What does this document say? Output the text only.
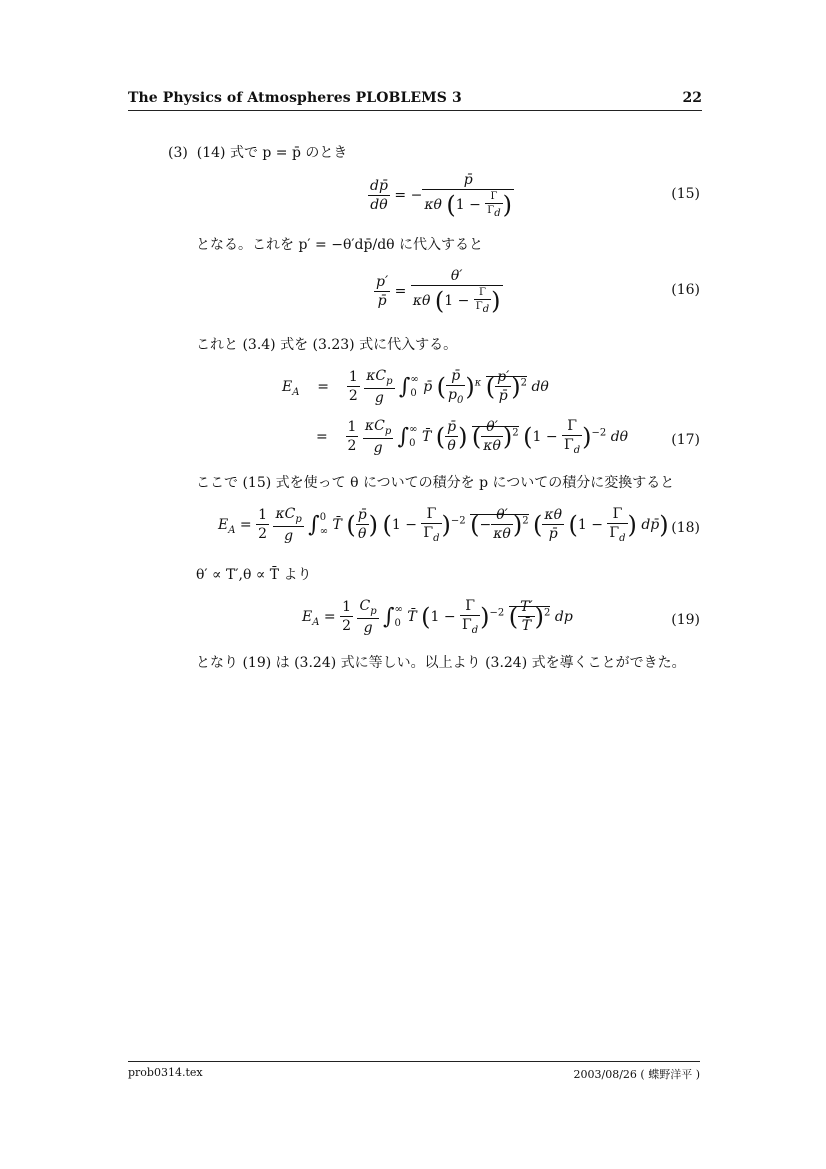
The Physics of Atmospheres PLOBLEMS 3	22
(3) (14) 式で p = p̄ のとき
$\frac{dp̄}{d\theta}$ = − $\frac{p̄}{\kappa\theta (1 - \frac{\Gamma}{\Gamma d} )}$	(15)
となる。これを p′ = −θ′dp̄/dθ に代入すると
$\frac{p'}{p̄} = \frac{\theta'}{\kappa\theta (1 - \frac{\Gamma}{\Gamma d} )}$	(16)
これと (3.4) 式を (3.23) 式に代入する。
$E_A$    = $\frac{1}{2}$
$\frac{\kappa C_p}{g}$ ∫∞
0 p̄ ( $\frac{p̄}{p_0} )^\kappa$ ( $\frac{p'}{p̄} )^2$ dθ
= $\frac{1}{2}$
$\frac{\kappa C_p}{g}$ ∫∞
0 T̄ ( $\frac{p̄}{\theta}$ ) ( $\frac{\theta'}{\kappa\theta} )^2$ $(1 - \frac{\Gamma}{\Gamma_d} )^{-2}$ dθ	(17)
ここで (15) 式を使って θ についての積分を p についての積分に変換すると
$E_A = \frac{1}{2}$
$\frac{\kappa C_p}{g} \int 0$
∞ T̄ ( $\frac{p̄}{\theta}$ ) $(1 - \frac{\Gamma}{\Gamma_d} )^{-2}$ (− $\frac{\theta'}{\kappa\theta} )^2$ ( $\frac{\kappa\theta}{p̄} (1 - \frac{\Gamma}{\Gamma_d}$ ) dp̄) (18)
θ′ ∝ T′,θ ∝ T̄ より
$E_A = \frac{1}{2}$
$\frac{C_p}{g}$ ∫∞
0 T̄ $(1 - \frac{\Gamma}{\Gamma_d} )^{-2}$ ( $\frac{T'}{T̄} )^2$ dp	(19)
となり (19) は (3.24) 式に等しい。以上より (3.24) 式を導くことができた。
prob0314.tex	2003/08/26 ( 蝶野洋平 )
